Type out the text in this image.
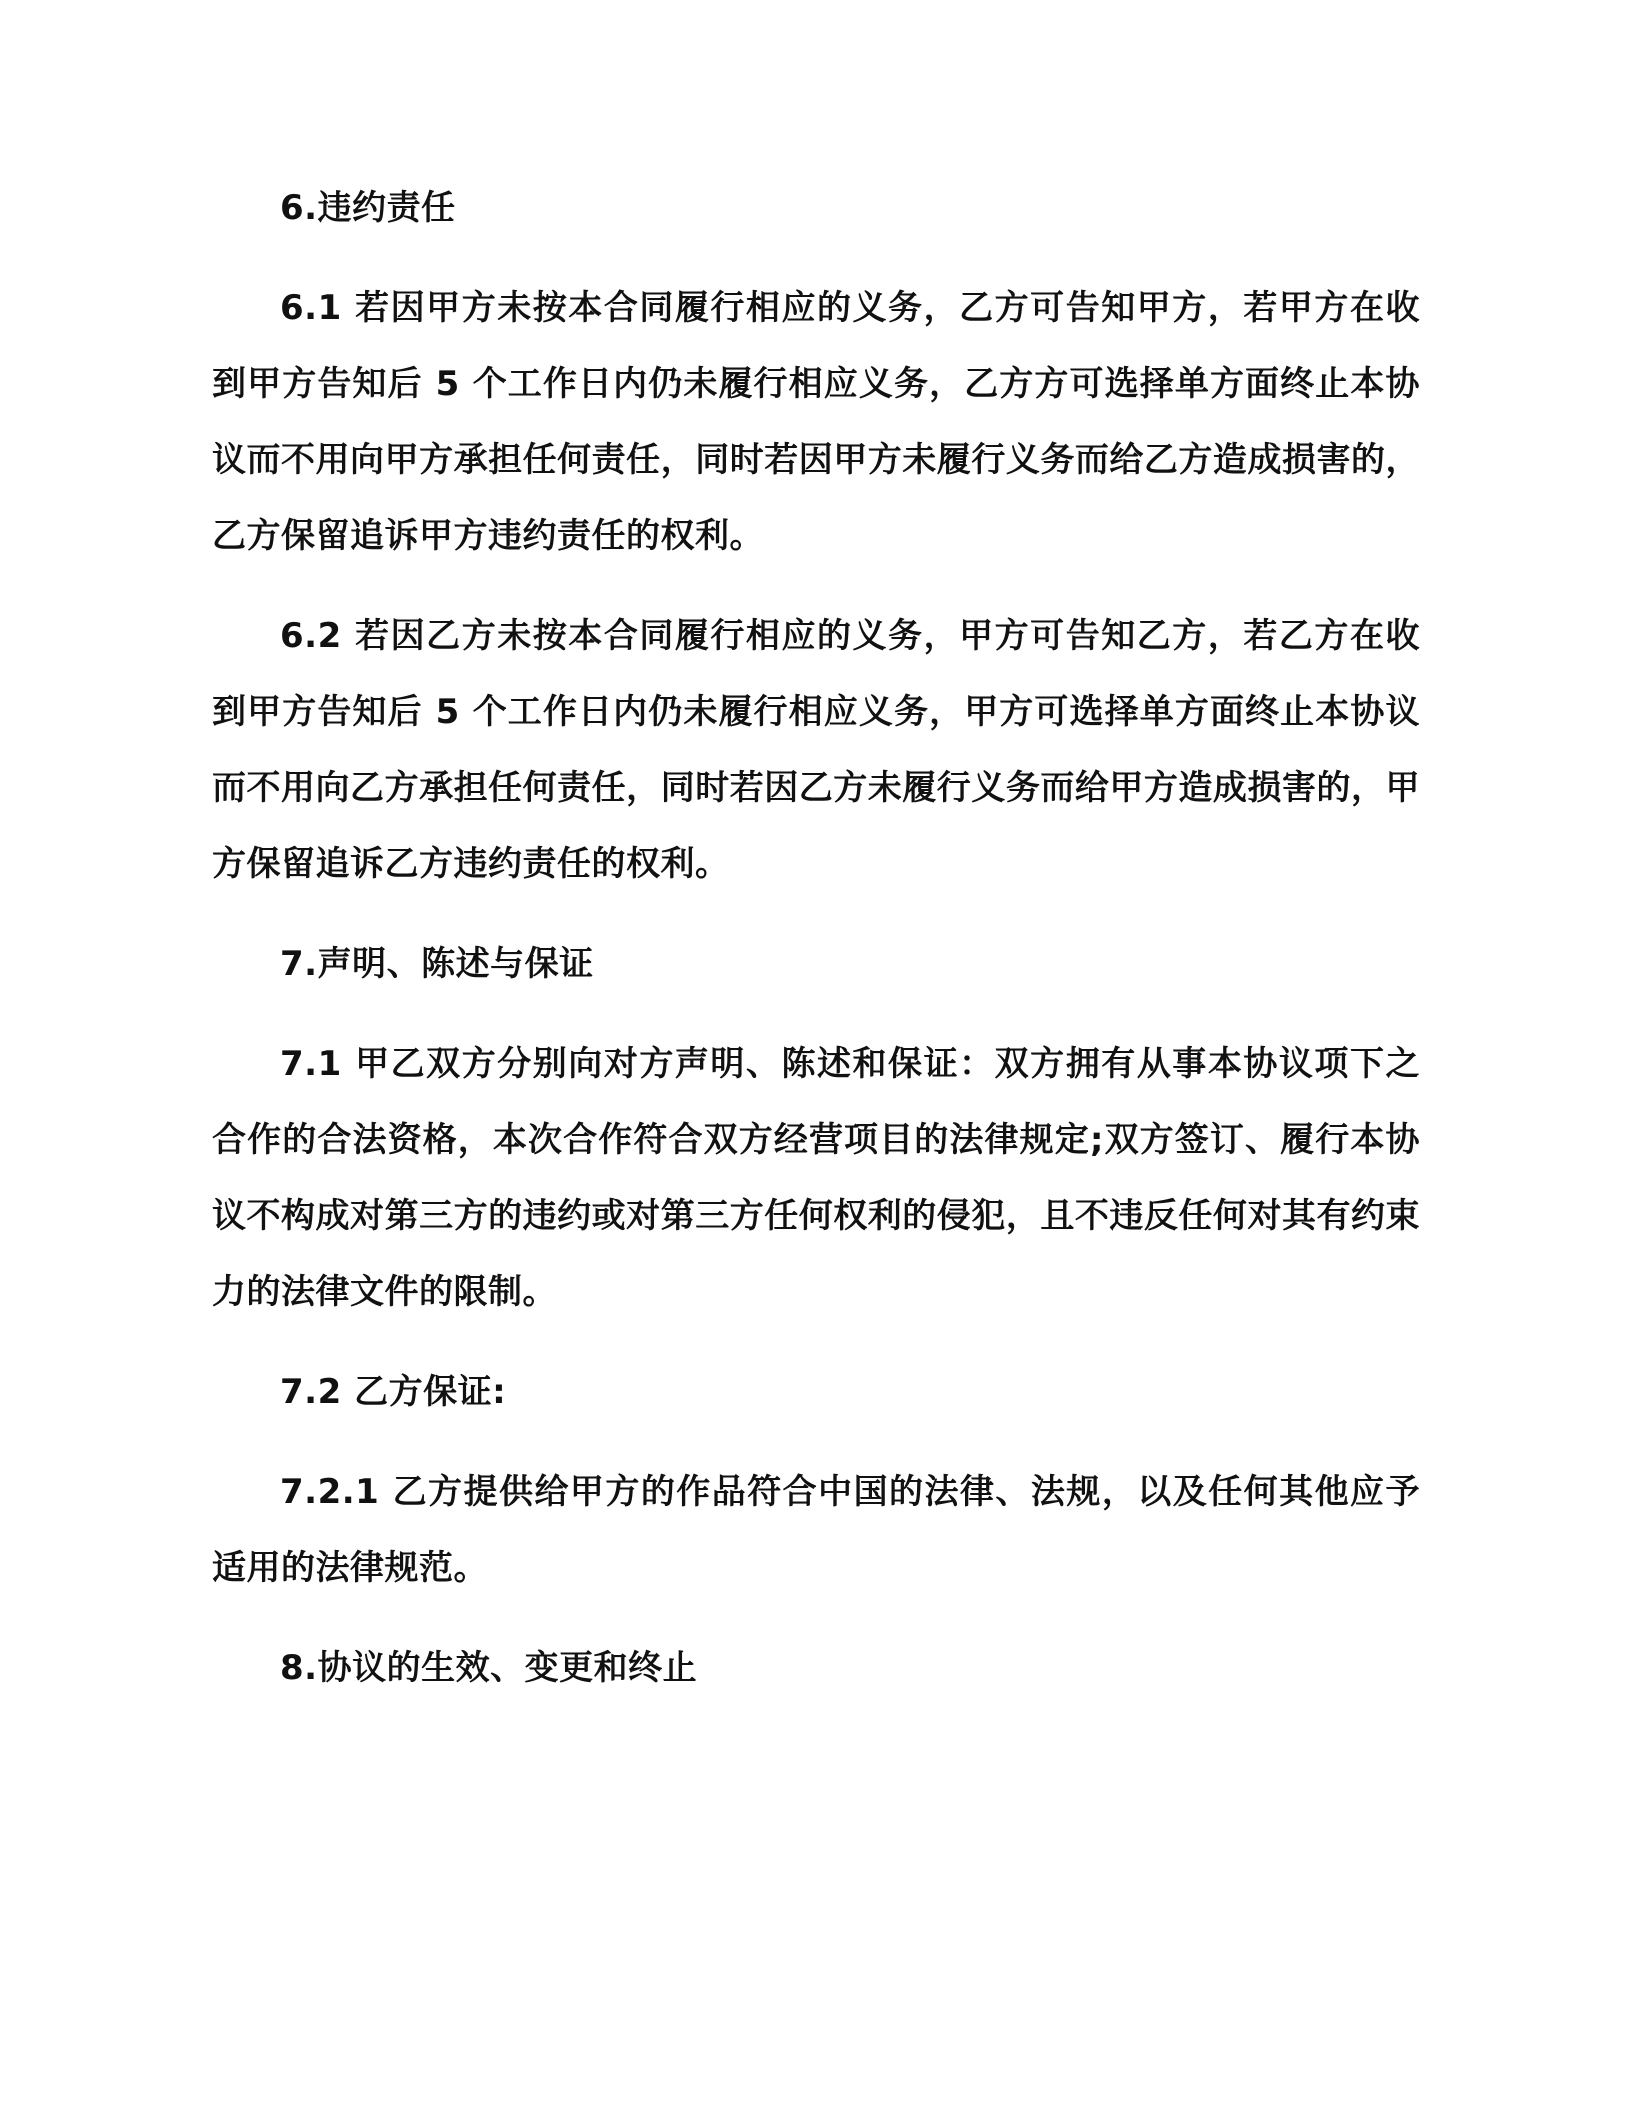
6.违约责任

6.1 若因甲方未按本合同履行相应的义务，乙方可告知甲方，若甲方在收到甲方告知后 5 个工作日内仍未履行相应义务，乙方方可选择单方面终止本协议而不用向甲方承担任何责任，同时若因甲方未履行义务而给乙方造成损害的，乙方保留追诉甲方违约责任的权利。

6.2 若因乙方未按本合同履行相应的义务，甲方可告知乙方，若乙方在收到甲方告知后 5 个工作日内仍未履行相应义务，甲方可选择单方面终止本协议而不用向乙方承担任何责任，同时若因乙方未履行义务而给甲方造成损害的，甲方保留追诉乙方违约责任的权利。

7.声明、陈述与保证

7.1 甲乙双方分别向对方声明、陈述和保证：双方拥有从事本协议项下之合作的合法资格，本次合作符合双方经营项目的法律规定;双方签订、履行本协议不构成对第三方的违约或对第三方任何权利的侵犯，且不违反任何对其有约束力的法律文件的限制。

7.2 乙方保证:

7.2.1 乙方提供给甲方的作品符合中国的法律、法规，以及任何其他应予适用的法律规范。

8.协议的生效、变更和终止
